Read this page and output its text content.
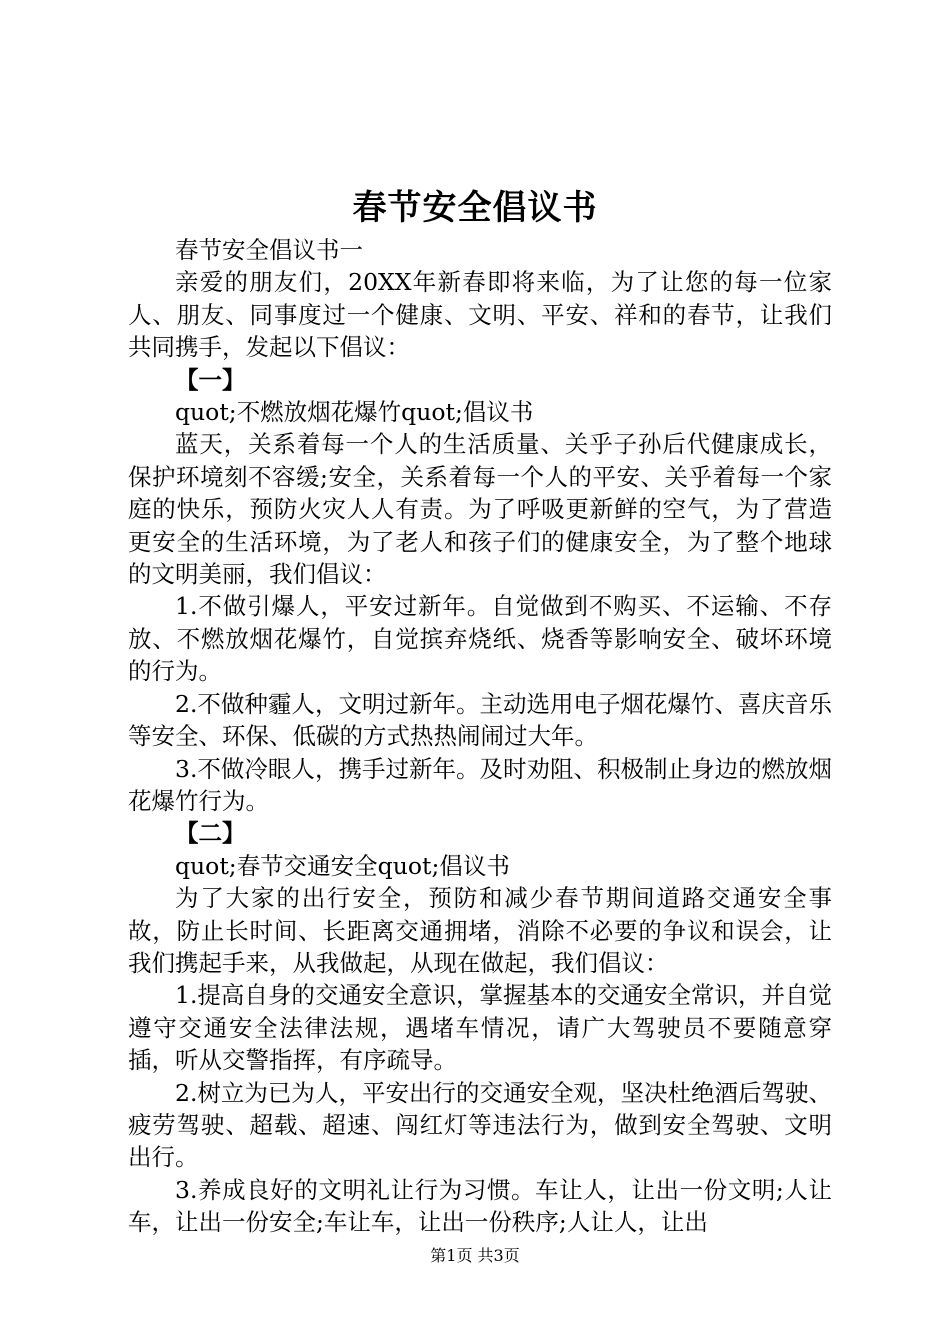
春节安全倡议书

春节安全倡议书一

亲爱的朋友们，20XX年新春即将来临，为了让您的每一位家人、朋友、同事度过一个健康、文明、平安、祥和的春节，让我们共同携手，发起以下倡议：

【一】

quot;不燃放烟花爆竹quot;倡议书

蓝天，关系着每一个人的生活质量、关乎子孙后代健康成长，保护环境刻不容缓;安全，关系着每一个人的平安、关乎着每一个家庭的快乐，预防火灾人人有责。为了呼吸更新鲜的空气，为了营造更安全的生活环境，为了老人和孩子们的健康安全，为了整个地球的文明美丽，我们倡议：

1.不做引爆人，平安过新年。自觉做到不购买、不运输、不存放、不燃放烟花爆竹，自觉摈弃烧纸、烧香等影响安全、破坏环境的行为。

2.不做种霾人，文明过新年。主动选用电子烟花爆竹、喜庆音乐等安全、环保、低碳的方式热热闹闹过大年。

3.不做冷眼人，携手过新年。及时劝阻、积极制止身边的燃放烟花爆竹行为。

【二】

quot;春节交通安全quot;倡议书

为了大家的出行安全，预防和减少春节期间道路交通安全事故，防止长时间、长距离交通拥堵，消除不必要的争议和误会，让我们携起手来，从我做起，从现在做起，我们倡议：

1.提高自身的交通安全意识，掌握基本的交通安全常识，并自觉遵守交通安全法律法规，遇堵车情况，请广大驾驶员不要随意穿插，听从交警指挥，有序疏导。

2.树立为已为人，平安出行的交通安全观，坚决杜绝酒后驾驶、疲劳驾驶、超载、超速、闯红灯等违法行为，做到安全驾驶、文明出行。

3.养成良好的文明礼让行为习惯。车让人，让出一份文明;人让车，让出一份安全;车让车，让出一份秩序;人让人，让出

第1页 共3页
